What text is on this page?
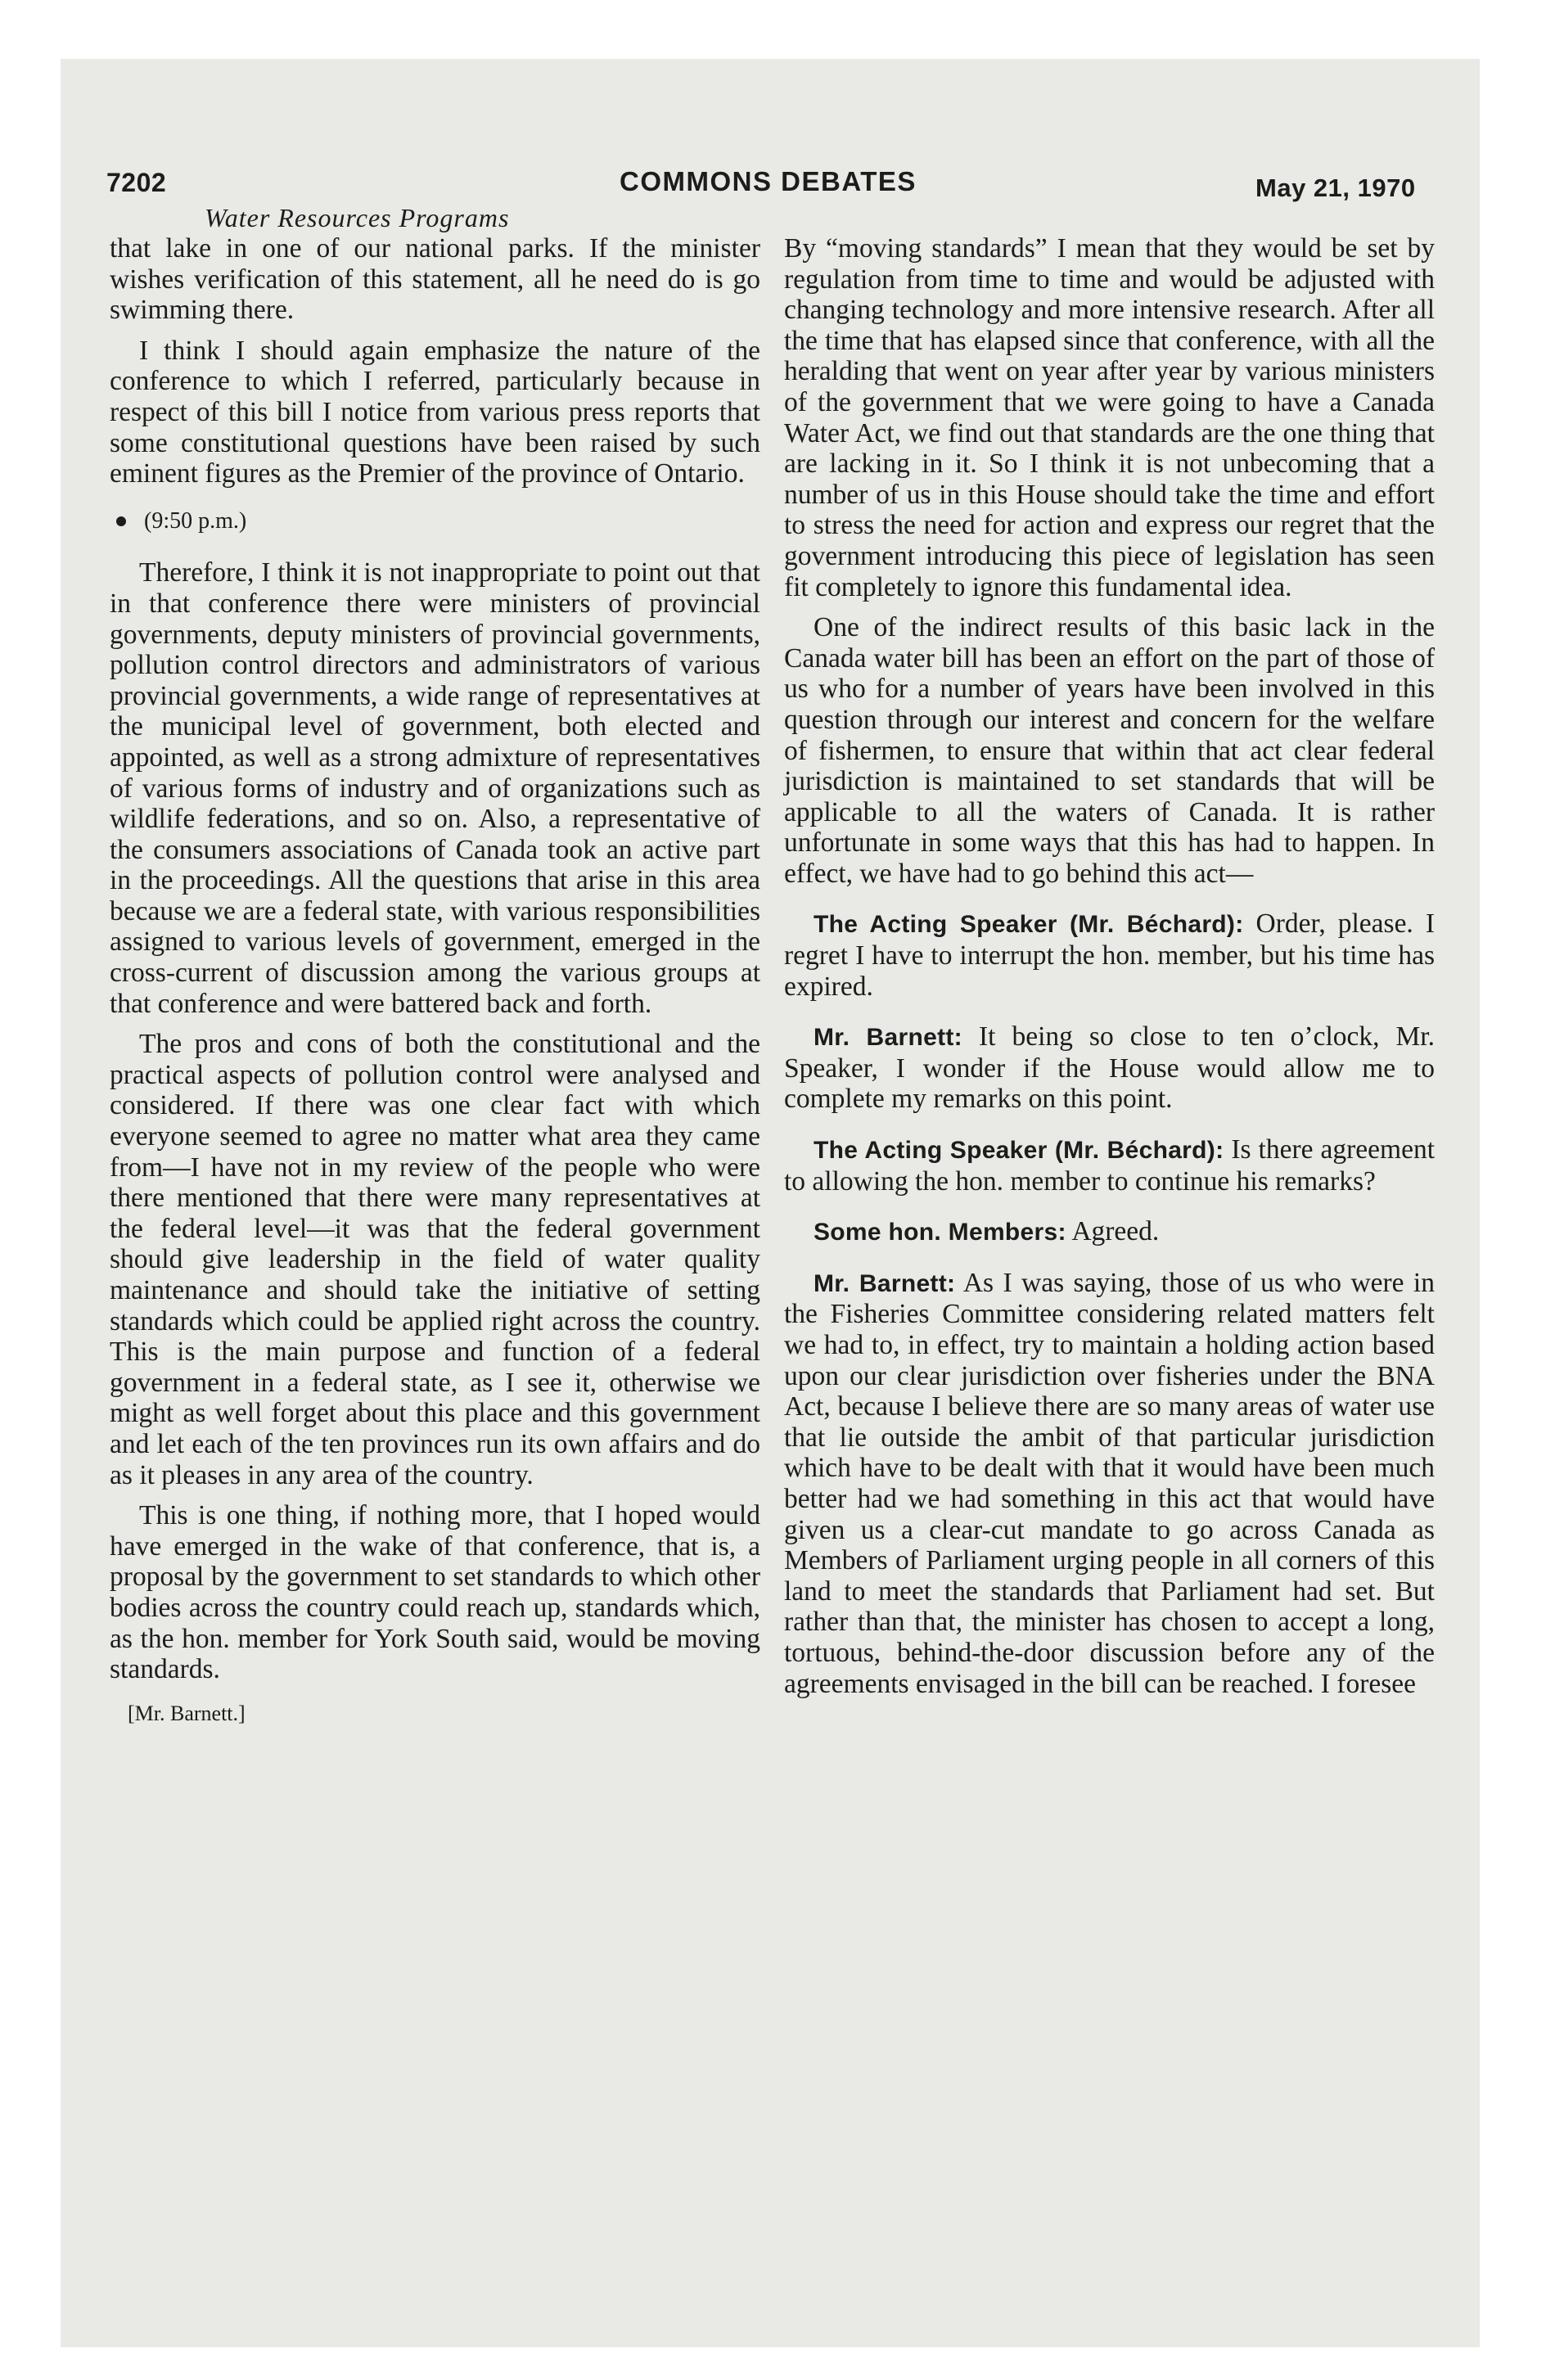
7202	COMMONS DEBATES	May 21, 1970
Water Resources Programs

that lake in one of our national parks. If the minister wishes verification of this statement, all he need do is go swimming there.

I think I should again emphasize the nature of the conference to which I referred, particularly because in respect of this bill I notice from various press reports that some constitutional questions have been raised by such eminent figures as the Premier of the province of Ontario.

(9:50 p.m.)

Therefore, I think it is not inappropriate to point out that in that conference there were ministers of provincial governments, deputy ministers of provincial governments, pollution control directors and administrators of various provincial governments, a wide range of representatives at the municipal level of government, both elected and appointed, as well as a strong admixture of representatives of various forms of industry and of organizations such as wildlife federations, and so on. Also, a representative of the consumers associations of Canada took an active part in the proceedings. All the questions that arise in this area because we are a federal state, with various responsibilities assigned to various levels of government, emerged in the cross-current of discussion among the various groups at that conference and were battered back and forth.

The pros and cons of both the constitutional and the practical aspects of pollution control were analysed and considered. If there was one clear fact with which everyone seemed to agree no matter what area they came from—I have not in my review of the people who were there mentioned that there were many representatives at the federal level—it was that the federal government should give leadership in the field of water quality maintenance and should take the initiative of setting standards which could be applied right across the country. This is the main purpose and function of a federal government in a federal state, as I see it, otherwise we might as well forget about this place and this government and let each of the ten provinces run its own affairs and do as it pleases in any area of the country.

This is one thing, if nothing more, that I hoped would have emerged in the wake of that conference, that is, a proposal by the government to set standards to which other bodies across the country could reach up, standards which, as the hon. member for York South said, would be moving standards.

[Mr. Barnett.]

By “moving standards” I mean that they would be set by regulation from time to time and would be adjusted with changing technology and more intensive research. After all the time that has elapsed since that conference, with all the heralding that went on year after year by various ministers of the government that we were going to have a Canada Water Act, we find out that standards are the one thing that are lacking in it. So I think it is not unbecoming that a number of us in this House should take the time and effort to stress the need for action and express our regret that the government introducing this piece of legislation has seen fit completely to ignore this fundamental idea.

One of the indirect results of this basic lack in the Canada water bill has been an effort on the part of those of us who for a number of years have been involved in this question through our interest and concern for the welfare of fishermen, to ensure that within that act clear federal jurisdiction is maintained to set standards that will be applicable to all the waters of Canada. It is rather unfortunate in some ways that this has had to happen. In effect, we have had to go behind this act—

The Acting Speaker (Mr. Béchard): Order, please. I regret I have to interrupt the hon. member, but his time has expired.

Mr. Barnett: It being so close to ten o’clock, Mr. Speaker, I wonder if the House would allow me to complete my remarks on this point.

The Acting Speaker (Mr. Béchard): Is there agreement to allowing the hon. member to continue his remarks?

Some hon. Members: Agreed.

Mr. Barnett: As I was saying, those of us who were in the Fisheries Committee considering related matters felt we had to, in effect, try to maintain a holding action based upon our clear jurisdiction over fisheries under the BNA Act, because I believe there are so many areas of water use that lie outside the ambit of that particular jurisdiction which have to be dealt with that it would have been much better had we had something in this act that would have given us a clear-cut mandate to go across Canada as Members of Parliament urging people in all corners of this land to meet the standards that Parliament had set. But rather than that, the minister has chosen to accept a long, tortuous, behind-the-door discussion before any of the agreements envisaged in the bill can be reached. I foresee
